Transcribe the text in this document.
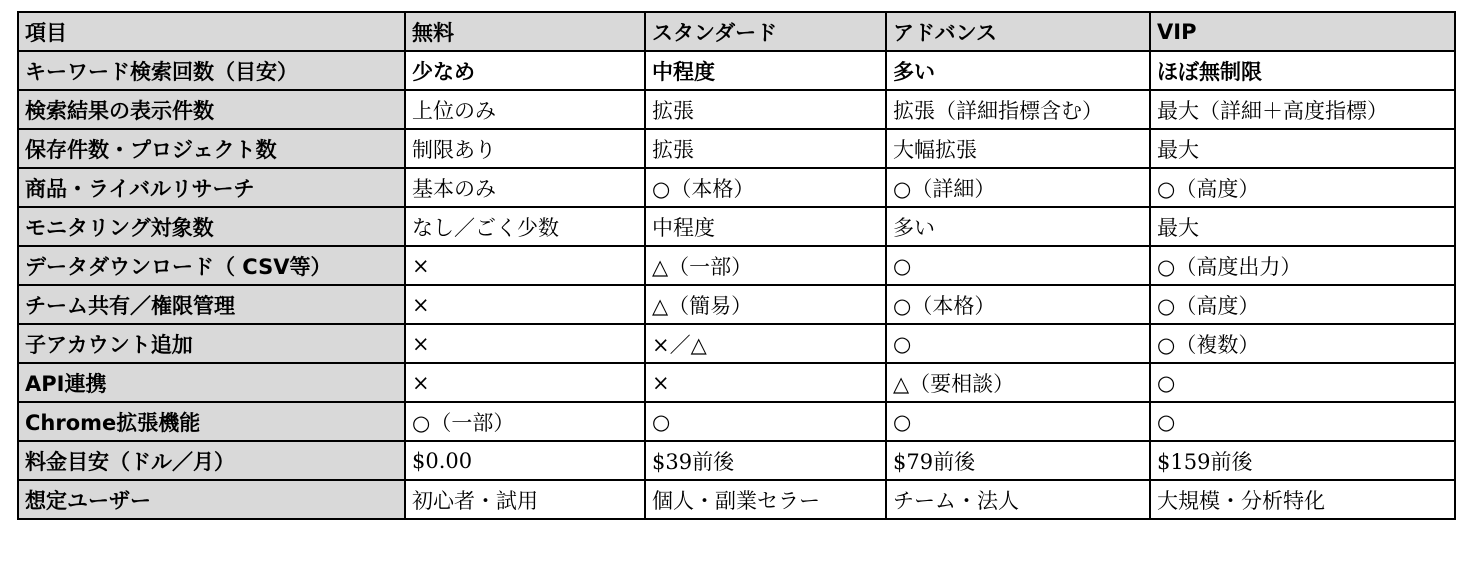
項目	無料	スタンダード	アドバンス	VIP
キーワード検索回数（目安）	少なめ	中程度	多い	ほぼ無制限
検索結果の表示件数	上位のみ	拡張	拡張（詳細指標含む）	最大（詳細＋高度指標）
保存件数・プロジェクト数	制限あり	拡張	大幅拡張	最大
商品・ライバルリサーチ	基本のみ	○（本格）	○（詳細）	○（高度）
モニタリング対象数	なし／ごく少数	中程度	多い	最大
データダウンロード（ CSV等）	×	△（一部）	○	○（高度出力）
チーム共有／権限管理	×	△（簡易）	○（本格）	○（高度）
子アカウント追加	×	×／△	○	○（複数）
API連携	×	×	△（要相談）	○
Chrome拡張機能	○（一部）	○	○	○
料金目安（ドル／月）	$0.00	$39前後	$79前後	$159前後
想定ユーザー	初心者・試用	個人・副業セラー	チーム・法人	大規模・分析特化
